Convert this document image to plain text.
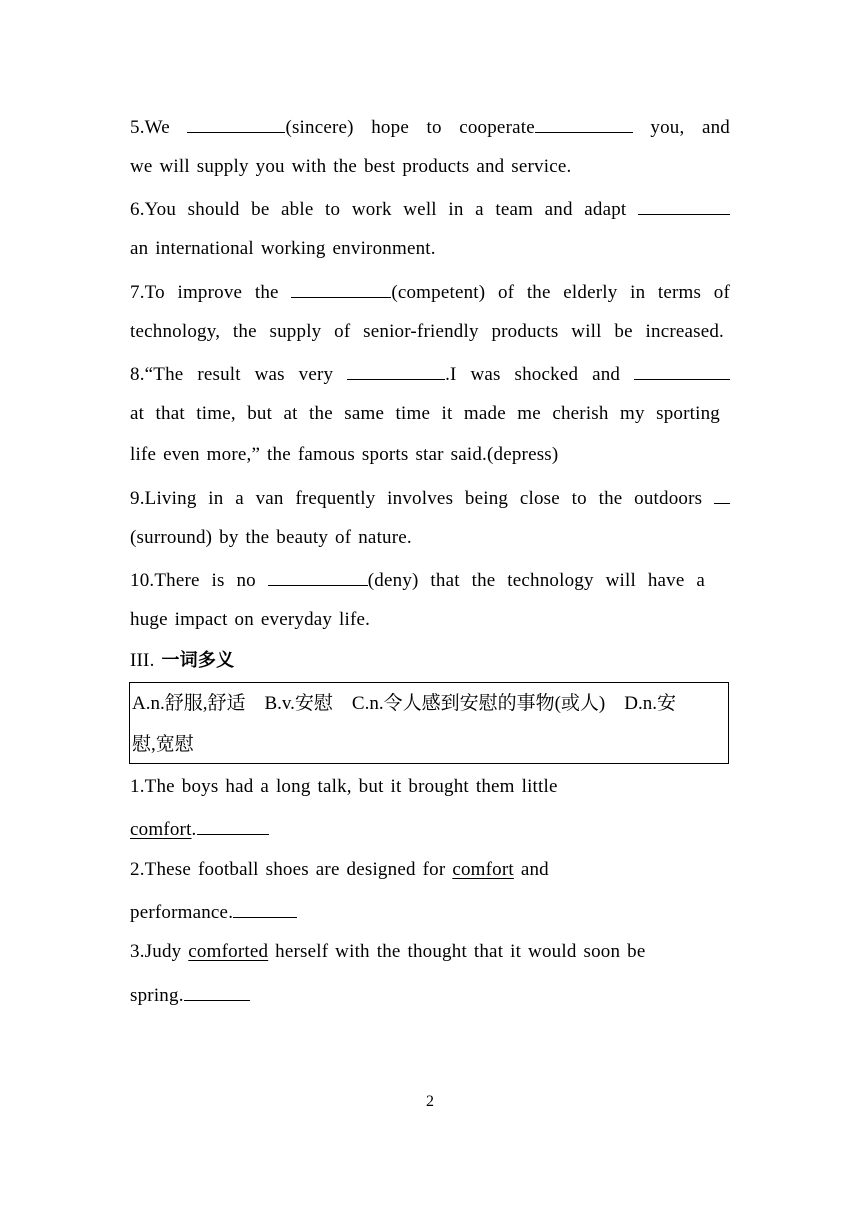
5.We	(sincere) hope to cooperate	you, and
we will supply you with the best products and service.
6.You should be able to work well in a team and adapt
an international working environment.
7.To improve the	(competent) of the elderly in terms of
technology, the supply of senior-friendly products will be increased.
8.“The result was very	.I was shocked and
at that time, but at the same time it made me cherish my sporting
life even more,” the famous sports star said.(depress)
9.Living in a van frequently involves being close to the outdoors
(surround) by the beauty of nature.
10.There is no	(deny) that the technology will have a
huge impact on everyday life.
III. 一词多义
A.n.舒服,舒适　B.v.安慰　C.n.令人感到安慰的事物(或人)　D.n.安
慰,宽慰
1.The boys had a long talk, but it brought them little
comfort.
2.These football shoes are designed for comfort and
performance.
3.Judy comforted herself with the thought that it would soon be
spring.
2
